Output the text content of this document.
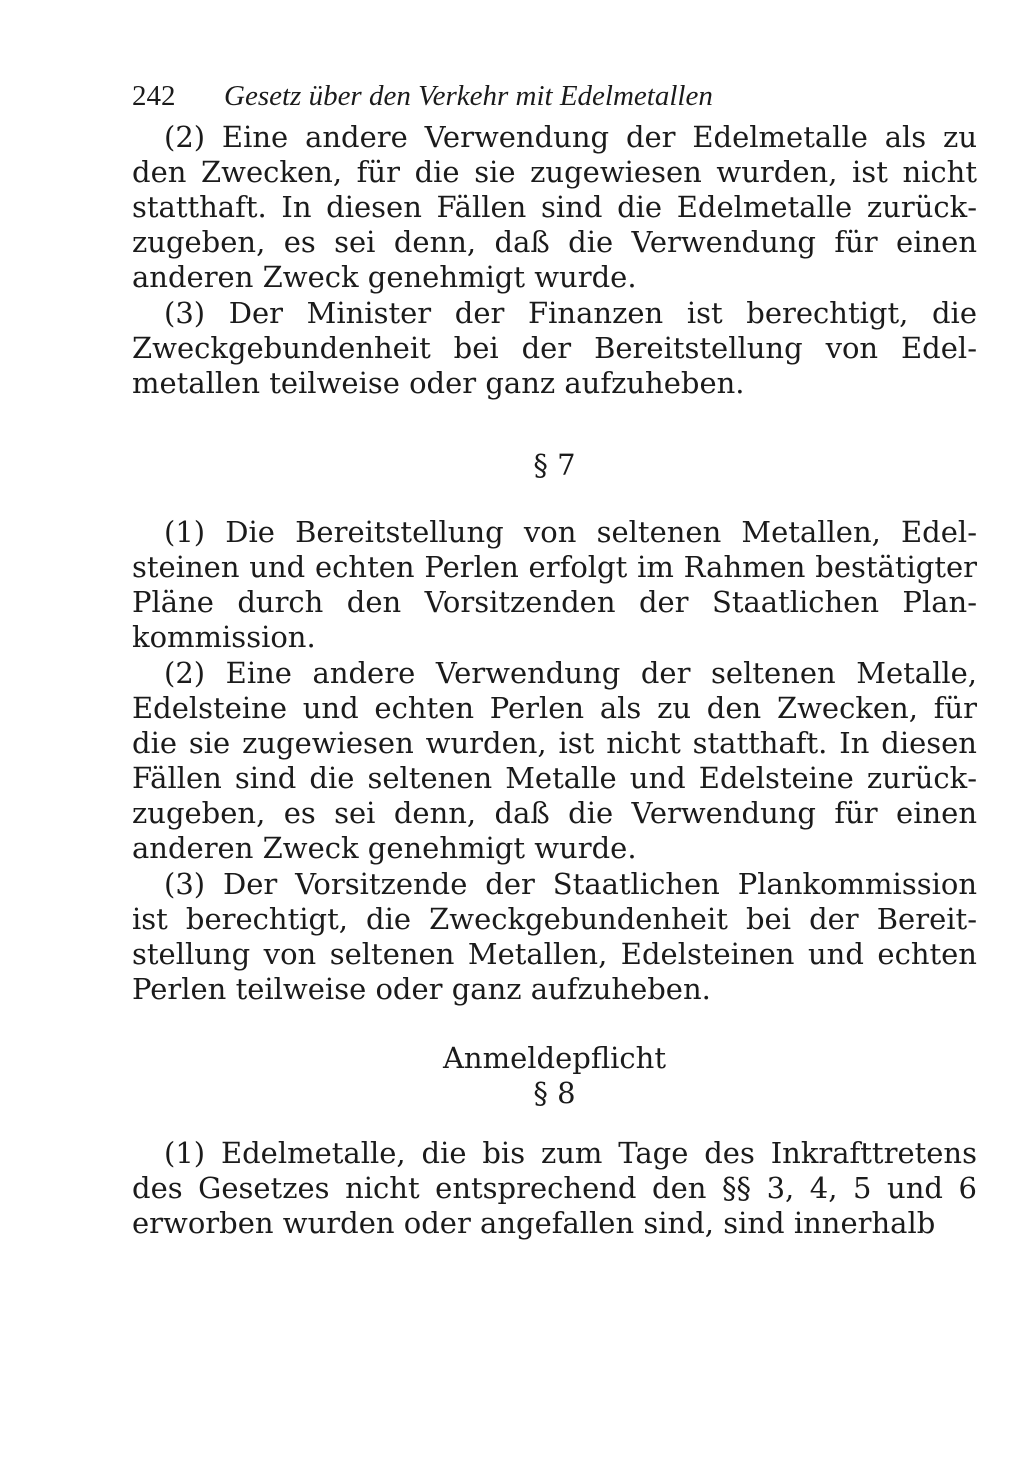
242 Gesetz über den Verkehr mit Edelmetallen

(2) Eine andere Verwendung der Edelmetalle als zu den Zwecken, für die sie zugewiesen wurden, ist nicht statthaft. In diesen Fällen sind die Edelmetalle zurückzugeben, es sei denn, daß die Verwendung für einen anderen Zweck genehmigt wurde.

(3) Der Minister der Finanzen ist berechtigt, die Zweckgebundenheit bei der Bereitstellung von Edelmetallen teilweise oder ganz aufzuheben.

§ 7

(1) Die Bereitstellung von seltenen Metallen, Edelsteinen und echten Perlen erfolgt im Rahmen bestätigter Pläne durch den Vorsitzenden der Staatlichen Plankommission.

(2) Eine andere Verwendung der seltenen Metalle, Edelsteine und echten Perlen als zu den Zwecken, für die sie zugewiesen wurden, ist nicht statthaft. In diesen Fällen sind die seltenen Metalle und Edelsteine zurückzugeben, es sei denn, daß die Verwendung für einen anderen Zweck genehmigt wurde.

(3) Der Vorsitzende der Staatlichen Plankommission ist berechtigt, die Zweckgebundenheit bei der Bereitstellung von seltenen Metallen, Edelsteinen und echten Perlen teilweise oder ganz aufzuheben.

Anmeldepflicht

§ 8

(1) Edelmetalle, die bis zum Tage des Inkrafttretens des Gesetzes nicht entsprechend den §§ 3, 4, 5 und 6 erworben wurden oder angefallen sind, sind innerhalb
